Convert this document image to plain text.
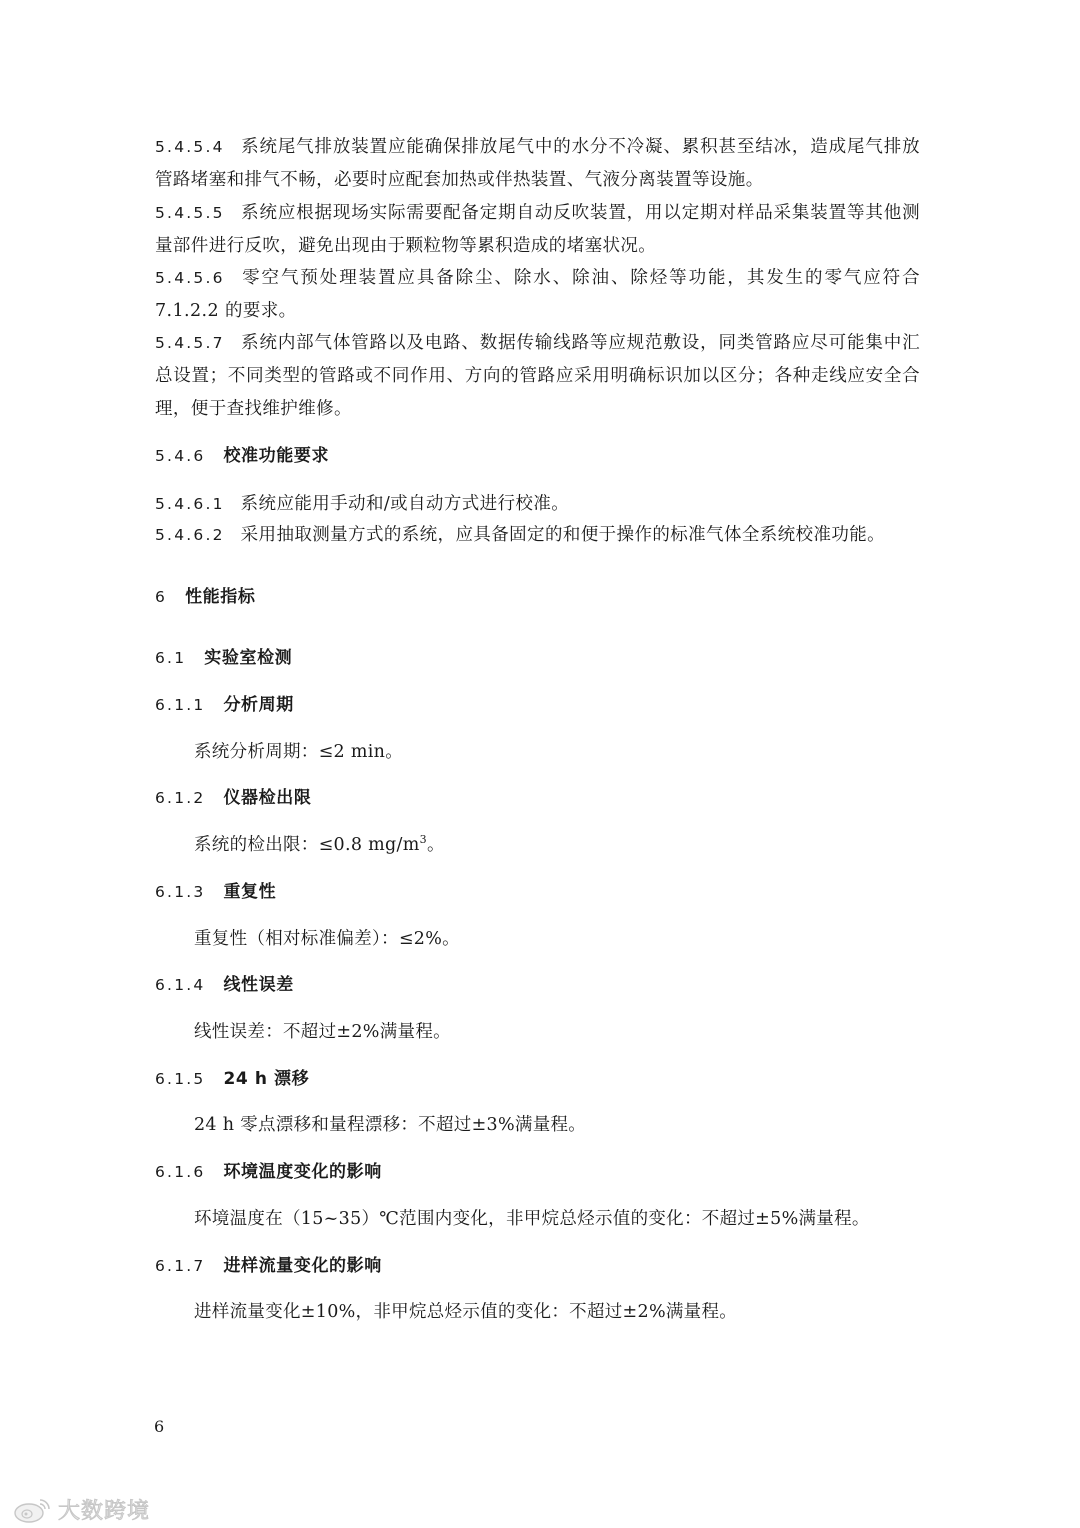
5.4.5.4 系统尾气排放装置应能确保排放尾气中的水分不冷凝、累积甚至结冰，造成尾气排放管路堵塞和排气不畅，必要时应配套加热或伴热装置、气液分离装置等设施。
5.4.5.5 系统应根据现场实际需要配备定期自动反吹装置，用以定期对样品采集装置等其他测量部件进行反吹，避免出现由于颗粒物等累积造成的堵塞状况。
5.4.5.6 零空气预处理装置应具备除尘、除水、除油、除烃等功能，其发生的零气应符合7.1.2.2 的要求。
5.4.5.7 系统内部气体管路以及电路、数据传输线路等应规范敷设，同类管路应尽可能集中汇总设置；不同类型的管路或不同作用、方向的管路应采用明确标识加以区分；各种走线应安全合理，便于查找维护维修。
5.4.6 校准功能要求
5.4.6.1 系统应能用手动和/或自动方式进行校准。
5.4.6.2 采用抽取测量方式的系统，应具备固定的和便于操作的标准气体全系统校准功能。
6 性能指标
6.1 实验室检测
6.1.1 分析周期
系统分析周期：≤2 min。
6.1.2 仪器检出限
系统的检出限：≤0.8 $mg/m^3$。
6.1.3 重复性
重复性（相对标准偏差）：≤2%。
6.1.4 线性误差
线性误差：不超过±2%满量程。
6.1.5 24 h 漂移
24 h 零点漂移和量程漂移：不超过±3%满量程。
6.1.6 环境温度变化的影响
环境温度在（15~35）℃范围内变化，非甲烷总烃示值的变化：不超过±5%满量程。
6.1.7 进样流量变化的影响
进样流量变化±10%，非甲烷总烃示值的变化：不超过±2%满量程。
6
大数跨境
